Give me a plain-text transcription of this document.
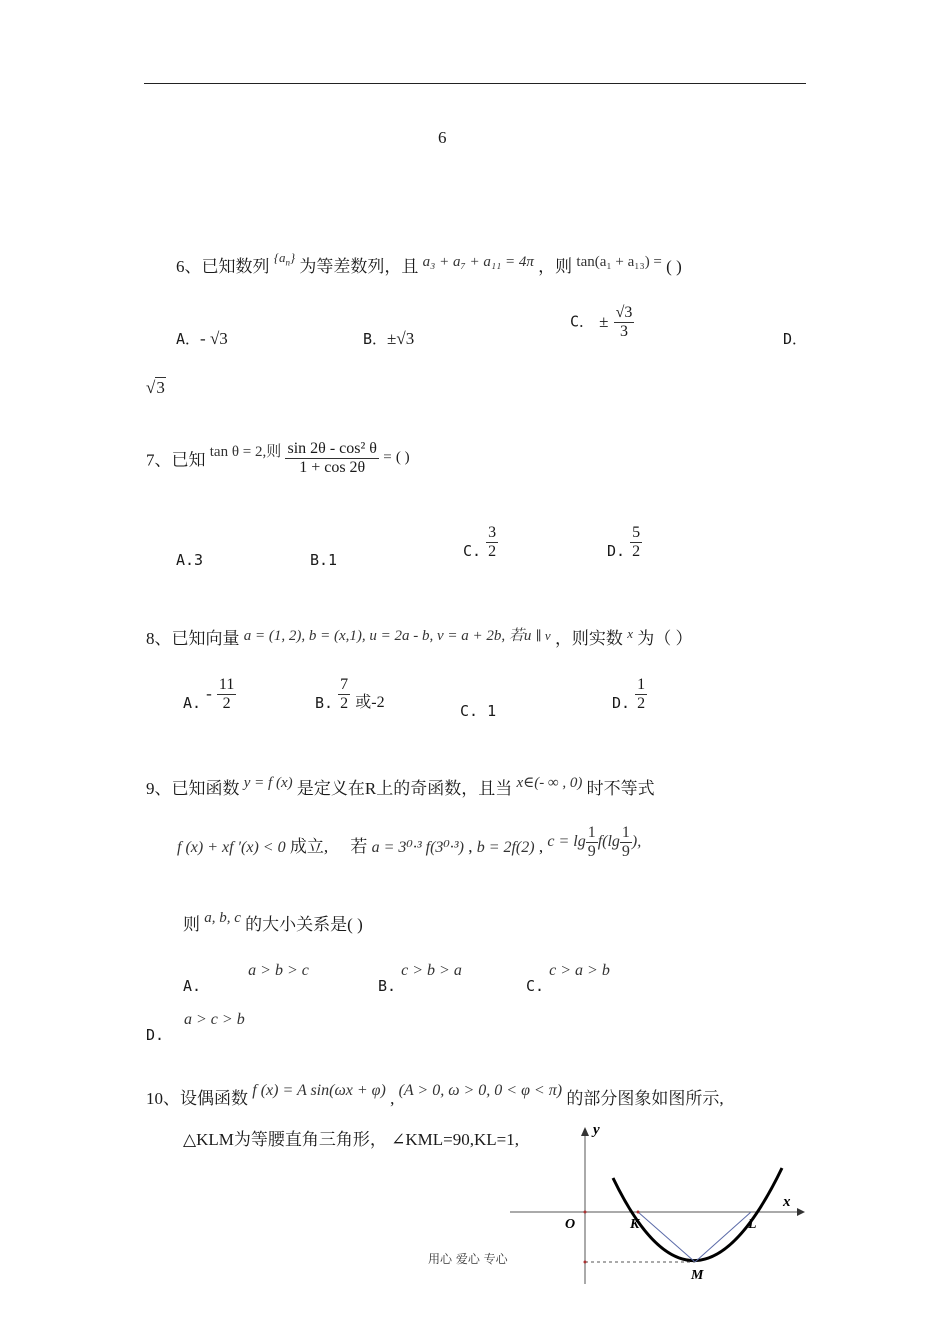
6
6、已知数列 $^{\{a_n\}}$ 为等差数列，且 a₃ + a₇ + a₁₁ = 4π ，则 tan(a₁ + a₁₃) = ( )
A．- √3	B．±√3
C． ± $\frac{√3}{3}$	D．
√3
7、已知 tan θ = 2,则 $\frac{\text{sin 2θ - cos² θ}}{1 + \cos 2\theta}$ = ( )
A.3	B.1	C. $\frac{3}{2}$	D. $\frac{5}{2}$
8、已知向量 a = (1, 2), b = (x,1), u = 2a - b, v = a + 2b, 若u $^{\parallel v}$ ，则实数 $^x$ 为（ ）
A. - $\frac{11}{2}$	B. $\frac{7}{2}$ 或-2	C. 1	D. $\frac{1}{2}$
9、已知函数 y = f (x) 是定义在R上的奇函数，且当 x∈(- ∞ , 0) 时不等式
f (x) + xf ′(x) < 0 成立, 若 a = 3⁰·³ f(3⁰·³) , b = 2f(2) , $c = \lg \frac{1}{9} f(\lg \frac{1}{9}$ ),
则 a, b, c 的大小关系是( )
A. a > b > c
B. c > b > a
C. c > a > b
a > c > b
D.
10、设偶函数 f (x) = A sin(ωx + φ) , (A > 0, ω > 0, 0 < φ < π) 的部分图象如图所示,
△KLM为等腰直角三角形， ∠KML=90,KL=1,	y
x
O	K	L
M
用心 爱心 专心
